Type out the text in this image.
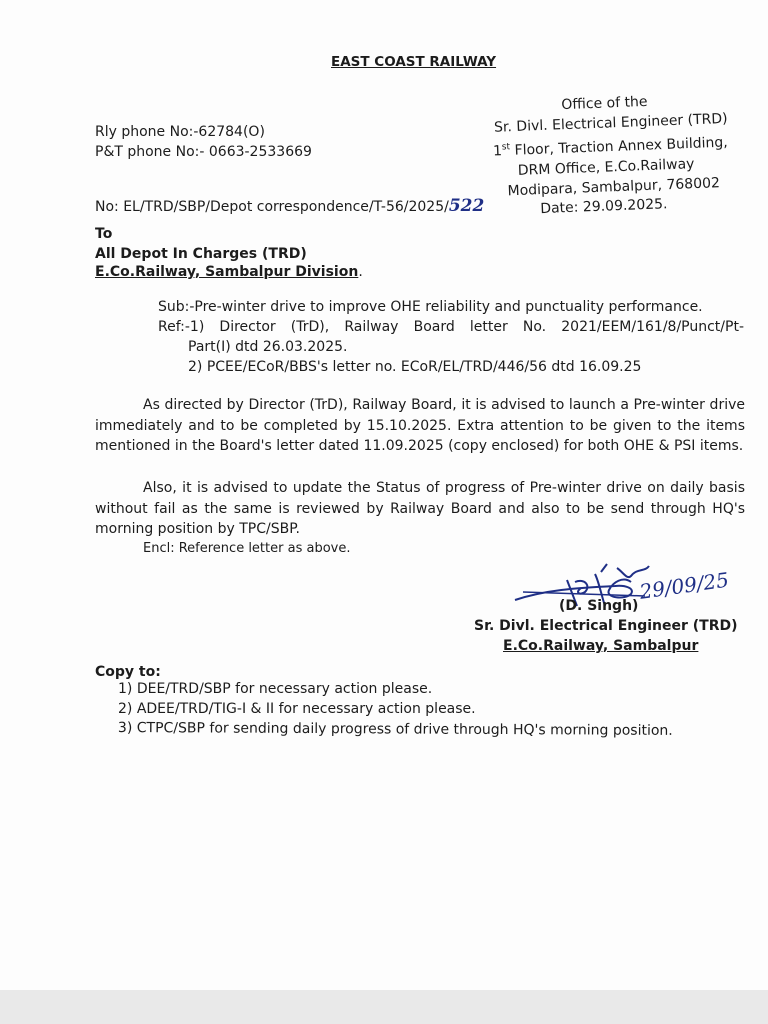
EAST COAST RAILWAY
Rly phone No:-62784(O)
P&T phone No:- 0663-2533669
Office of the
Sr. Divl. Electrical Engineer (TRD)
1st Floor, Traction Annex Building,
DRM Office, E.Co.Railway
Modipara, Sambalpur, 768002
Date: 29.09.2025.
No: EL/TRD/SBP/Depot correspondence/T-56/2025/522
To
All Depot In Charges (TRD)
E.Co.Railway, Sambalpur Division.
Sub:-Pre-winter drive to improve OHE reliability and punctuality performance.
Ref:-1) Director (TrD), Railway Board letter No. 2021/EEM/161/8/Punct/Pt-
Part(I) dtd 26.03.2025.
2) PCEE/ECoR/BBS's letter no. ECoR/EL/TRD/446/56 dtd 16.09.25
As directed by Director (TrD), Railway Board, it is advised to launch a Pre-winter drive immediately and to be completed by 15.10.2025. Extra attention to be given to the items mentioned in the Board's letter dated 11.09.2025 (copy enclosed) for both OHE & PSI items.
Also, it is advised to update the Status of progress of Pre-winter drive on daily basis without fail as the same is reviewed by Railway Board and also to be send through HQ's morning position by TPC/SBP.
Encl: Reference letter as above.
(D. Singh)
29/09/25
Sr. Divl. Electrical Engineer (TRD)
E.Co.Railway, Sambalpur
Copy to:
1) DEE/TRD/SBP for necessary action please.
2) ADEE/TRD/TIG-I & II for necessary action please.
3) CTPC/SBP for sending daily progress of drive through HQ's morning position.
